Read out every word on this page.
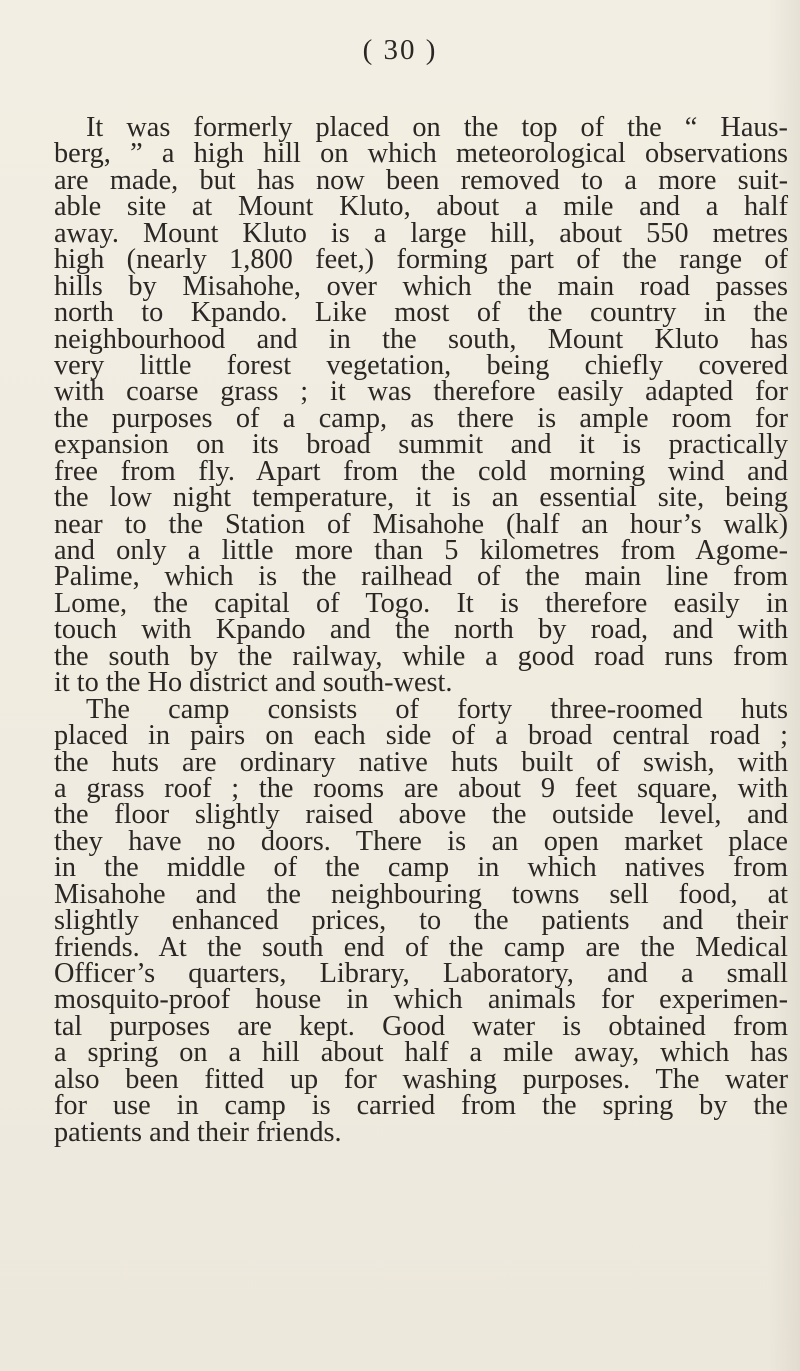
( 30 )
It was formerly placed on the top of the “ Haus-
berg, ” a high hill on which meteorological observations
are made, but has now been removed to a more suit-
able site at Mount Kluto, about a mile and a half
away. Mount Kluto is a large hill, about 550 metres
high (nearly 1,800 feet,) forming part of the range of
hills by Misahohe, over which the main road passes
north to Kpando. Like most of the country in the
neighbourhood and in the south, Mount Kluto has
very little forest vegetation, being chiefly covered
with coarse grass ; it was therefore easily adapted for
the purposes of a camp, as there is ample room for
expansion on its broad summit and it is practically
free from fly. Apart from the cold morning wind and
the low night temperature, it is an essential site, being
near to the Station of Misahohe (half an hour’s walk)
and only a little more than 5 kilometres from Agome-
Palime, which is the railhead of the main line from
Lome, the capital of Togo. It is therefore easily in
touch with Kpando and the north by road, and with
the south by the railway, while a good road runs from
it to the Ho district and south-west.
The camp consists of forty three-roomed huts
placed in pairs on each side of a broad central road ;
the huts are ordinary native huts built of swish, with
a grass roof ; the rooms are about 9 feet square, with
the floor slightly raised above the outside level, and
they have no doors. There is an open market place
in the middle of the camp in which natives from
Misahohe and the neighbouring towns sell food, at
slightly enhanced prices, to the patients and their
friends. At the south end of the camp are the Medical
Officer’s quarters, Library, Laboratory, and a small
mosquito-proof house in which animals for experimen-
tal purposes are kept. Good water is obtained from
a spring on a hill about half a mile away, which has
also been fitted up for washing purposes. The water
for use in camp is carried from the spring by the
patients and their friends.
